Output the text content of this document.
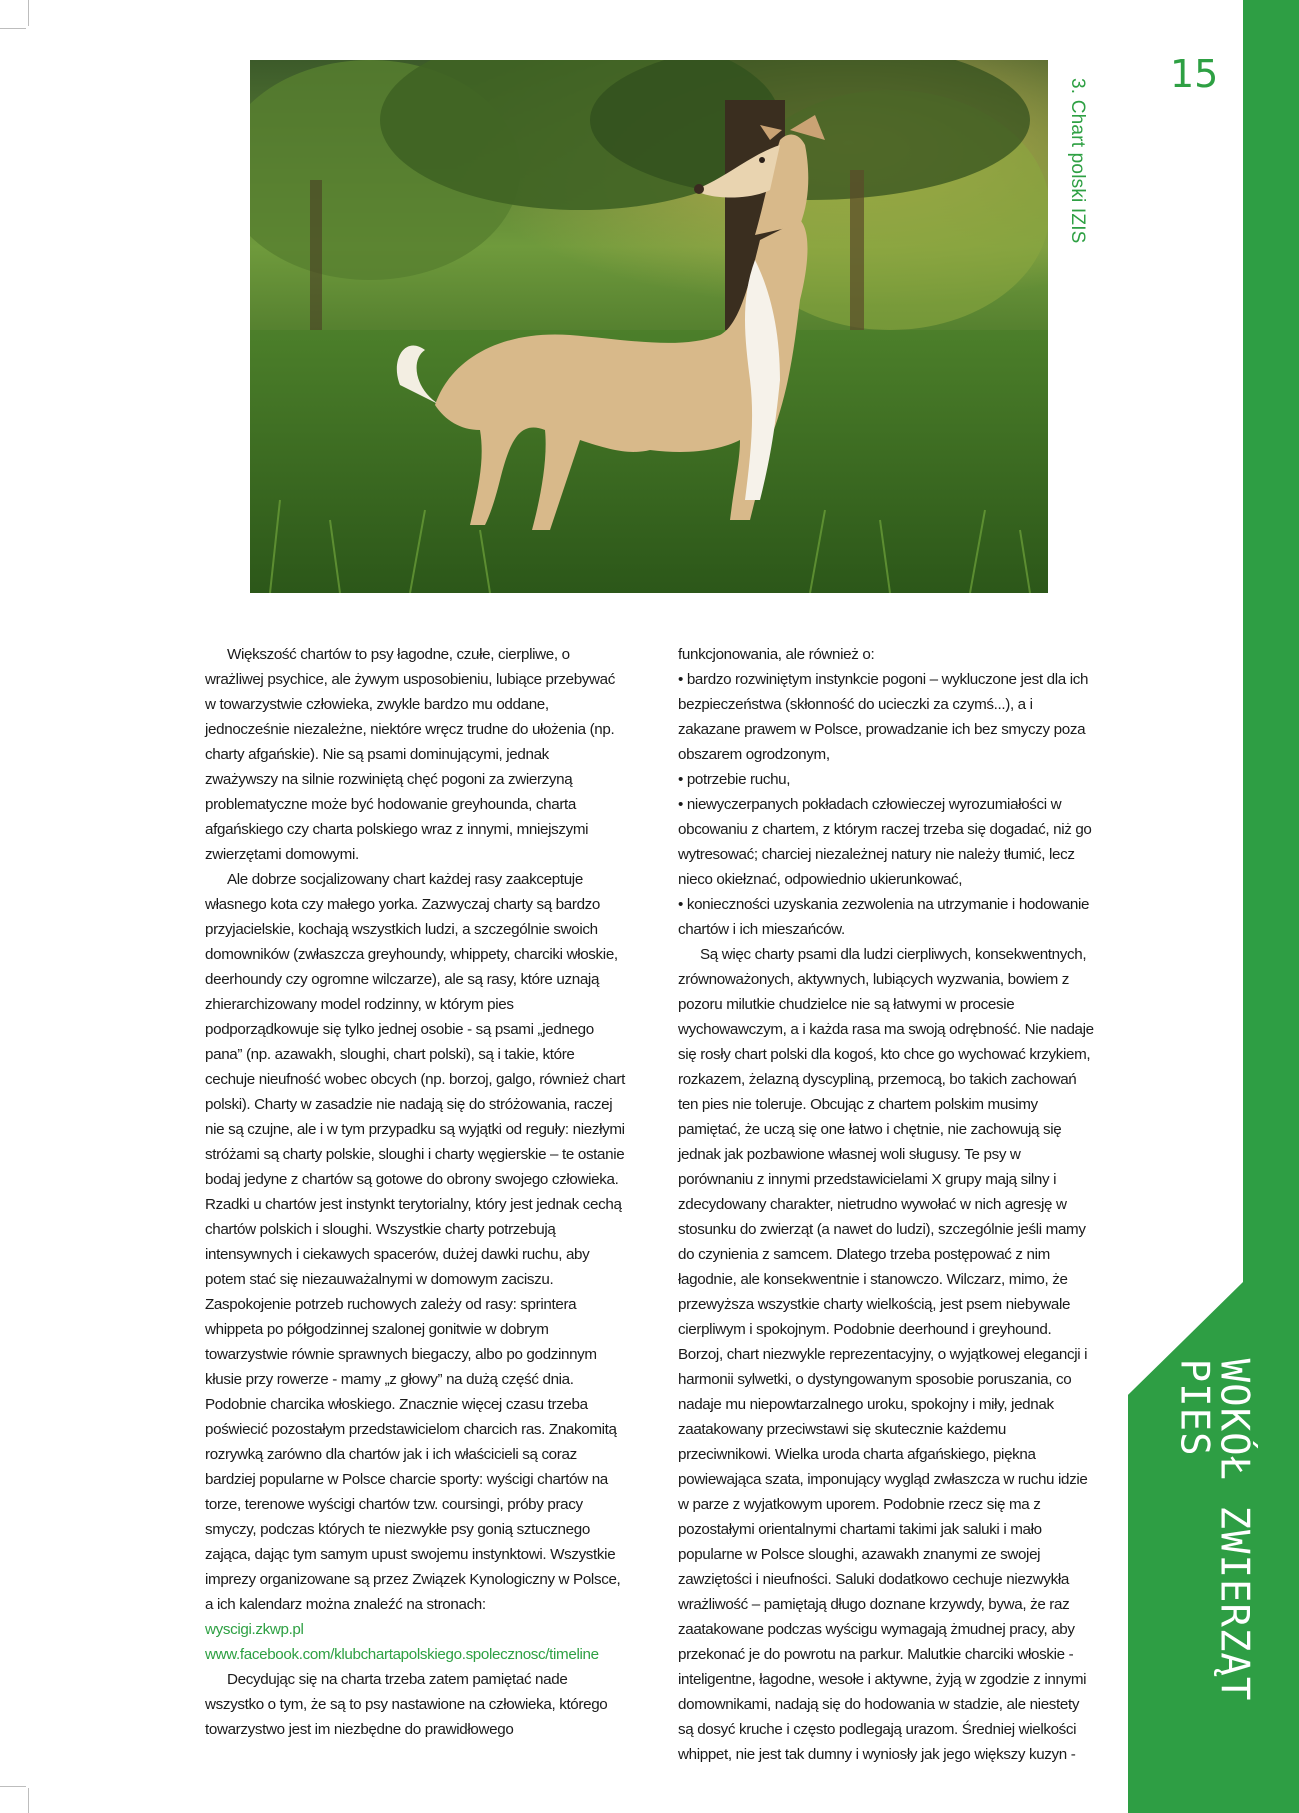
WOKÓŁ ZWIERZĄT
PIES
15
3. Chart polski IZIS

Większość chartów to psy łagodne, czułe, cierpliwe, o wrażliwej psychice, ale żywym usposobieniu, lubiące przebywać w towarzystwie człowieka, zwykle bardzo mu oddane, jednocześnie niezależne, niektóre wręcz trudne do ułożenia (np. charty afgańskie). Nie są psami dominującymi, jednak zważywszy na silnie rozwiniętą chęć pogoni za zwierzyną problematyczne może być hodowanie greyhounda, charta afgańskiego czy charta polskiego wraz z innymi, mniejszymi zwierzętami domowymi.

Ale dobrze socjalizowany chart każdej rasy zaakceptuje własnego kota czy małego yorka. Zazwyczaj charty są bardzo przyjacielskie, kochają wszystkich ludzi, a szczególnie swoich domowników (zwłaszcza greyhoundy, whippety, charciki włoskie, deerhoundy czy ogromne wilczarze), ale są rasy, które uznają zhierarchizowany model rodzinny, w którym pies podporządkowuje się tylko jednej osobie - są psami „jednego pana” (np. azawakh, sloughi, chart polski), są i takie, które cechuje nieufność wobec obcych (np. borzoj, galgo, również chart polski). Charty w zasadzie nie nadają się do stróżowania, raczej nie są czujne, ale i w tym przypadku są wyjątki od reguły: niezłymi stróżami są charty polskie, sloughi i charty węgierskie – te ostanie bodaj jedyne z chartów są gotowe do obrony swojego człowieka. Rzadki u chartów jest instynkt terytorialny, który jest jednak cechą chartów polskich i sloughi. Wszystkie charty potrzebują intensywnych i ciekawych spacerów, dużej dawki ruchu, aby potem stać się niezauważalnymi w domowym zaciszu. Zaspokojenie potrzeb ruchowych zależy od rasy: sprintera whippeta po półgodzinnej szalonej gonitwie w dobrym towarzystwie równie sprawnych biegaczy, albo po godzinnym kłusie przy rowerze - mamy „z głowy” na dużą część dnia. Podobnie charcika włoskiego. Znacznie więcej czasu trzeba poświecić pozostałym przedstawicielom charcich ras. Znakomitą rozrywką zarówno dla chartów jak i ich właścicieli są coraz bardziej popularne w Polsce charcie sporty: wyścigi chartów na torze, terenowe wyścigi chartów tzw. coursingi, próby pracy smyczy, podczas których te niezwykłe psy gonią sztucznego zająca, dając tym samym upust swojemu instynktowi. Wszystkie imprezy organizowane są przez Związek Kynologiczny w Polsce, a ich kalendarz można znaleźć na stronach:

wyscigi.zkwp.pl
www.facebook.com/klubchartapolskiego.spolecznosc/timeline

Decydując się na charta trzeba zatem pamiętać nade wszystko o tym, że są to psy nastawione na człowieka, którego towarzystwo jest im niezbędne do prawidłowego

funkcjonowania, ale również o:

• bardzo rozwiniętym instynkcie pogoni – wykluczone jest dla ich bezpieczeństwa (skłonność do ucieczki za czymś...), a i zakazane prawem w Polsce, prowadzanie ich bez smyczy poza obszarem ogrodzonym,

• potrzebie ruchu,

• niewyczerpanych pokładach człowieczej wyrozumiałości w obcowaniu z chartem, z którym raczej trzeba się dogadać, niż go wytresować; charciej niezależnej natury nie należy tłumić, lecz nieco okiełznać, odpowiednio ukierunkować,

• konieczności uzyskania zezwolenia na utrzymanie i hodowanie chartów i ich mieszańców.

Są więc charty psami dla ludzi cierpliwych, konsekwentnych, zrównoważonych, aktywnych, lubiących wyzwania, bowiem z pozoru milutkie chudzielce nie są łatwymi w procesie wychowawczym, a i każda rasa ma swoją odrębność. Nie nadaje się rosły chart polski dla kogoś, kto chce go wychować krzykiem, rozkazem, żelazną dyscypliną, przemocą, bo takich zachowań ten pies nie toleruje. Obcując z chartem polskim musimy pamiętać, że uczą się one łatwo i chętnie, nie zachowują się jednak jak pozbawione własnej woli sługusy. Te psy w porównaniu z innymi przedstawicielami X grupy mają silny i zdecydowany charakter, nietrudno wywołać w nich agresję w stosunku do zwierząt (a nawet do ludzi), szczególnie jeśli mamy do czynienia z samcem. Dlatego trzeba postępować z nim łagodnie, ale konsekwentnie i stanowczo. Wilczarz, mimo, że przewyższa wszystkie charty wielkością, jest psem niebywale cierpliwym i spokojnym. Podobnie deerhound i greyhound. Borzoj, chart niezwykle reprezentacyjny, o wyjątkowej elegancji i harmonii sylwetki, o dystyngowanym sposobie poruszania, co nadaje mu niepowtarzalnego uroku, spokojny i miły, jednak zaatakowany przeciwstawi się skutecznie każdemu przeciwnikowi. Wielka uroda charta afgańskiego, piękna powiewająca szata, imponujący wygląd zwłaszcza w ruchu idzie w parze z wyjatkowym uporem. Podobnie rzecz się ma z pozostałymi orientalnymi chartami takimi jak saluki i mało popularne w Polsce sloughi, azawakh znanymi ze swojej zawziętości i nieufności. Saluki dodatkowo cechuje niezwykła wrażliwość – pamiętają długo doznane krzywdy, bywa, że raz zaatakowane podczas wyścigu wymagają żmudnej pracy, aby przekonać je do powrotu na parkur. Malutkie charciki włoskie - inteligentne, łagodne, wesołe i aktywne, żyją w zgodzie z innymi domownikami, nadają się do hodowania w stadzie, ale niestety są dosyć kruche i często podlegają urazom. Średniej wielkości whippet, nie jest tak dumny i wyniosły jak jego większy kuzyn -
